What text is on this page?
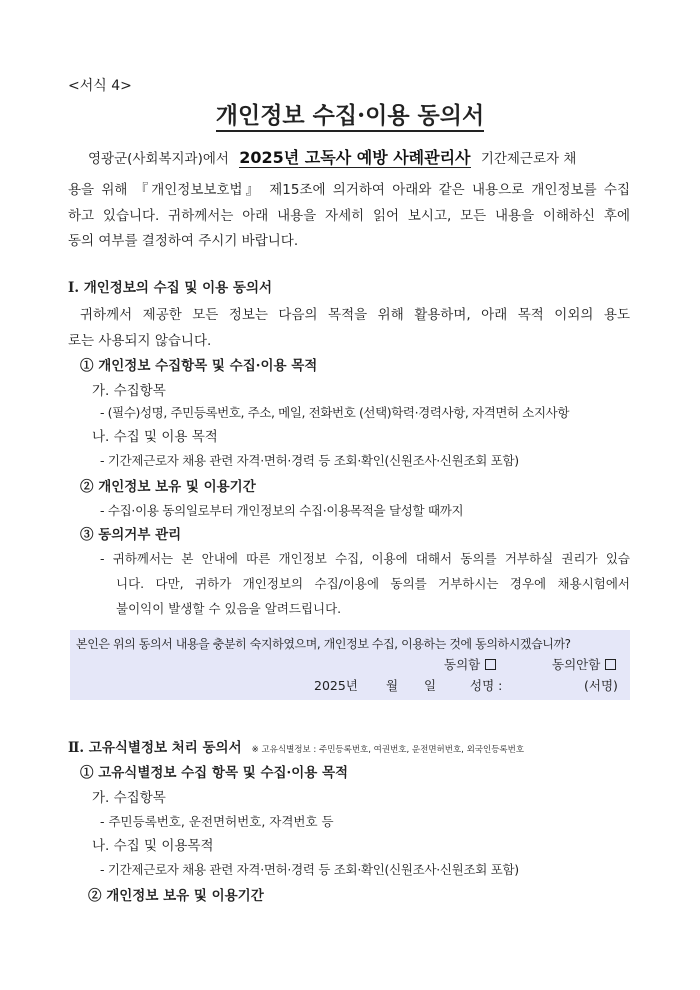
<서식 4>
개인정보 수집·이용 동의서
영광군(사회복지과)에서 2025년 고독사 예방 사례관리사 기간제근로자 채
용을 위해 『개인정보보호법』 제15조에 의거하여 아래와 같은 내용으로 개인정보를 수집
하고 있습니다. 귀하께서는 아래 내용을 자세히 읽어 보시고, 모든 내용을 이해하신 후에
동의 여부를 결정하여 주시기 바랍니다.
Ⅰ. 개인정보의 수집 및 이용 동의서
귀하께서 제공한 모든 정보는 다음의 목적을 위해 활용하며, 아래 목적 이외의 용도
로는 사용되지 않습니다.
① 개인정보 수집항목 및 수집·이용 목적
가. 수집항목
- (필수)성명, 주민등록번호, 주소, 메일, 전화번호 (선택)학력·경력사항, 자격면허 소지사항
나. 수집 및 이용 목적
- 기간제근로자 채용 관련 자격·면허·경력 등 조회·확인(신원조사·신원조회 포함)
② 개인정보 보유 및 이용기간
- 수집·이용 동의일로부터 개인정보의 수집·이용목적을 달성할 때까지
③ 동의거부 관리
- 귀하께서는 본 안내에 따른 개인정보 수집, 이용에 대해서 동의를 거부하실 권리가 있습
니다. 다만, 귀하가 개인정보의 수집/이용에 동의를 거부하시는 경우에 채용시험에서
불이익이 발생할 수 있음을 알려드립니다.
본인은 위의 동의서 내용을 충분히 숙지하였으며, 개인정보 수집, 이용하는 것에 동의하시겠습니까?
동의함	동의안함
2025년 월 일	성명 :	(서명)
Ⅱ. 고유식별정보 처리 동의서 ※ 고유식별정보 : 주민등록번호, 여권번호, 운전면허번호, 외국인등록번호
① 고유식별정보 수집 항목 및 수집·이용 목적
가. 수집항목
- 주민등록번호, 운전면허번호, 자격번호 등
나. 수집 및 이용목적
- 기간제근로자 채용 관련 자격·면허·경력 등 조회·확인(신원조사·신원조회 포함)
② 개인정보 보유 및 이용기간
